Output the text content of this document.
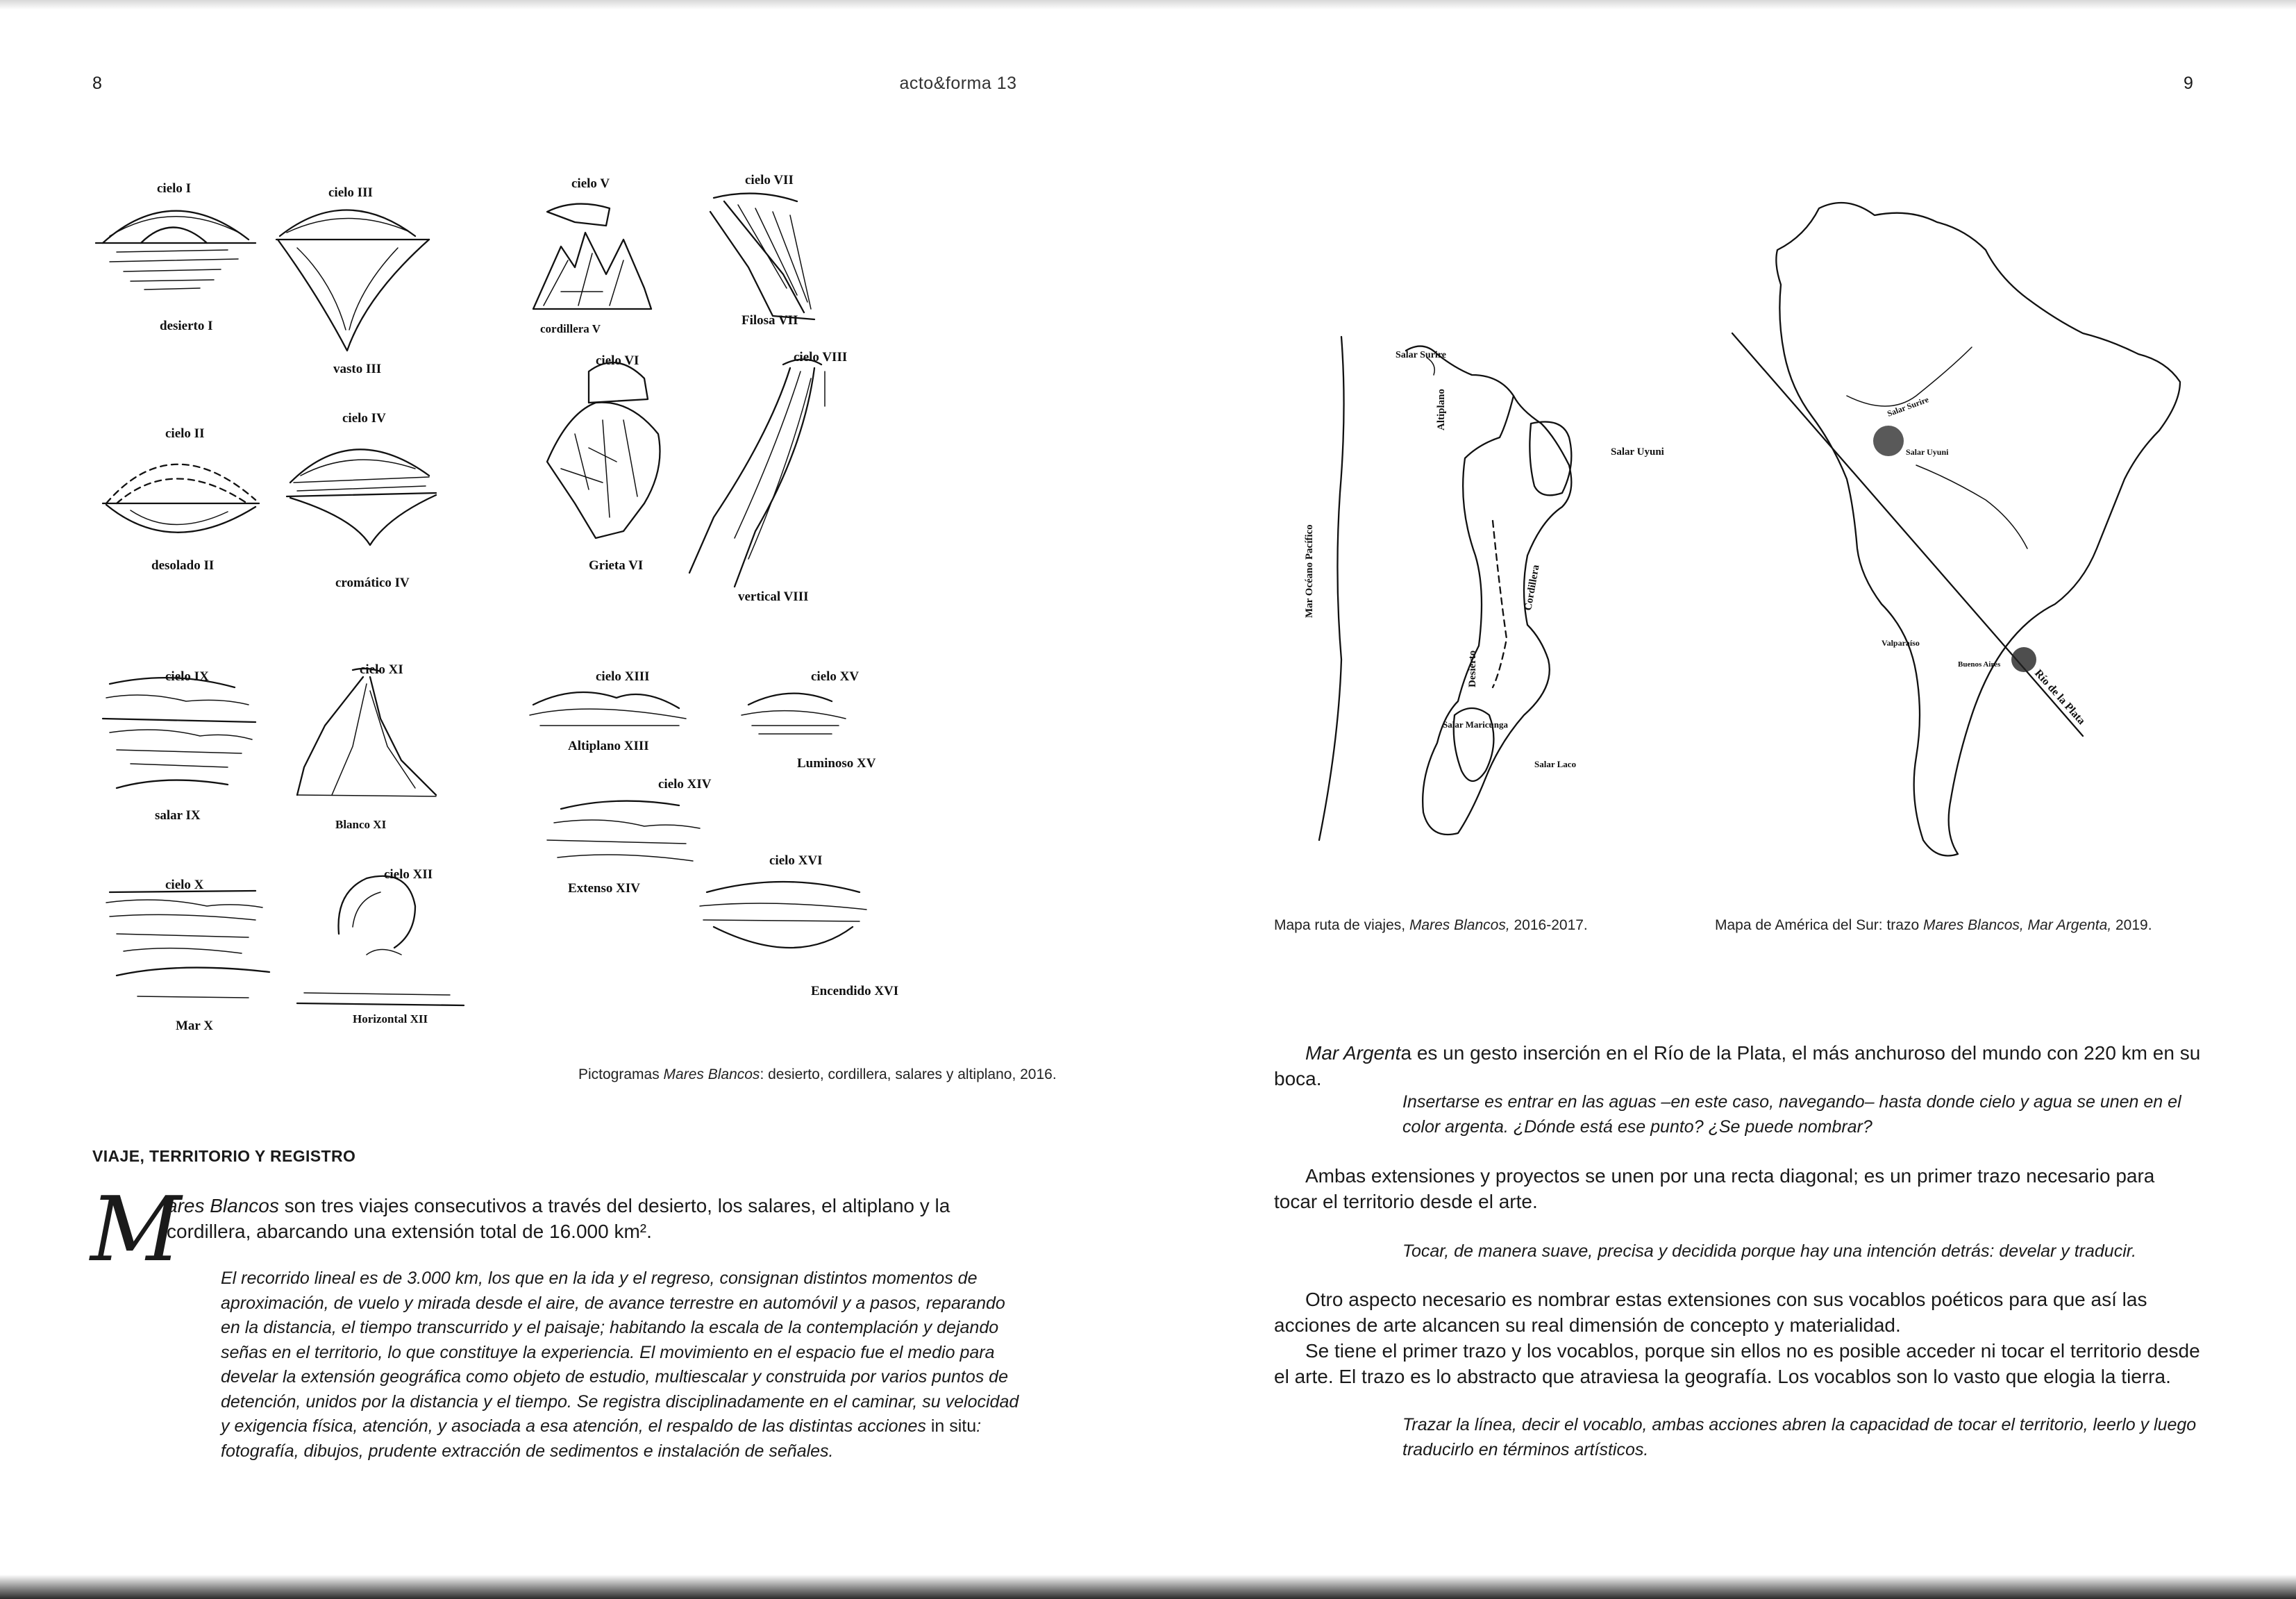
8	acto&forma 13	9
cielo I
desierto I
cielo III
vasto III
cielo V
cordillera V
cielo VII
Filosa VII
cielo II
desolado II
cielo IV
cromático IV
cielo VI
Grieta VI
cielo VIII
vertical VIII
cielo IX
salar IX
cielo XI
Blanco XI
cielo XIII
Altiplano XIII
cielo XV
Luminoso XV
cielo X
Mar X
cielo XII
Horizontal XII
cielo XIV
Extenso XIV
cielo XVI
Encendido XVI
Pictogramas Mares Blancos: desierto, cordillera, salares y altiplano, 2016.
VIAJE, TERRITORIO Y REGISTRO
M
ares Blancos son tres viajes consecutivos a través del desierto, los salares, el altiplano y la cordillera, abarcando una extensión total de 16.000 km².
El recorrido lineal es de 3.000 km, los que en la ida y el regreso, consignan distintos momentos de aproximación, de vuelo y mirada desde el aire, de avance terrestre en automóvil y a pasos, reparando en la distancia, el tiempo transcurrido y el paisaje; habitando la escala de la contemplación y dejando señas en el territorio, lo que constituye la experiencia. El movimiento en el espacio fue el medio para develar la extensión geográfica como objeto de estudio, multiescalar y construida por varios puntos de detención, unidos por la distancia y el tiempo. Se registra disciplinadamente en el caminar, su velocidad y exigencia física, atención, y asociada a esa atención, el respaldo de las distintas acciones in situ: fotografía, dibujos, prudente extracción de sedimentos e instalación de señales.
Salar Surire
Altiplano
Salar Uyuni
Mar Océano Pacífico	Cordillera
Desierto
Salar Maricunga
Salar Laco
Salar Surire
Salar Uyuni
Valparaíso
Buenos Aires
Río de la Plata
Mapa ruta de viajes, Mares Blancos, 2016-2017.	Mapa de América del Sur: trazo Mares Blancos, Mar Argenta, 2019.

Mar Argenta es un gesto inserción en el Río de la Plata, el más anchuroso del mundo con 220 km en su boca.

Insertarse es entrar en las aguas –en este caso, navegando– hasta donde cielo y agua se unen en el color argenta. ¿Dónde está ese punto? ¿Se puede nombrar?

Ambas extensiones y proyectos se unen por una recta diagonal; es un primer trazo necesario para tocar el territorio desde el arte.

Tocar, de manera suave, precisa y decidida porque hay una intención detrás: develar y traducir.

Otro aspecto necesario es nombrar estas extensiones con sus vocablos poéticos para que así las acciones de arte alcancen su real dimensión de concepto y materialidad.

Se tiene el primer trazo y los vocablos, porque sin ellos no es posible acceder ni tocar el territorio desde el arte. El trazo es lo abstracto que atraviesa la geografía. Los vocablos son lo vasto que elogia la tierra.

Trazar la línea, decir el vocablo, ambas acciones abren la capacidad de tocar el territorio, leerlo y luego traducirlo en términos artísticos.
